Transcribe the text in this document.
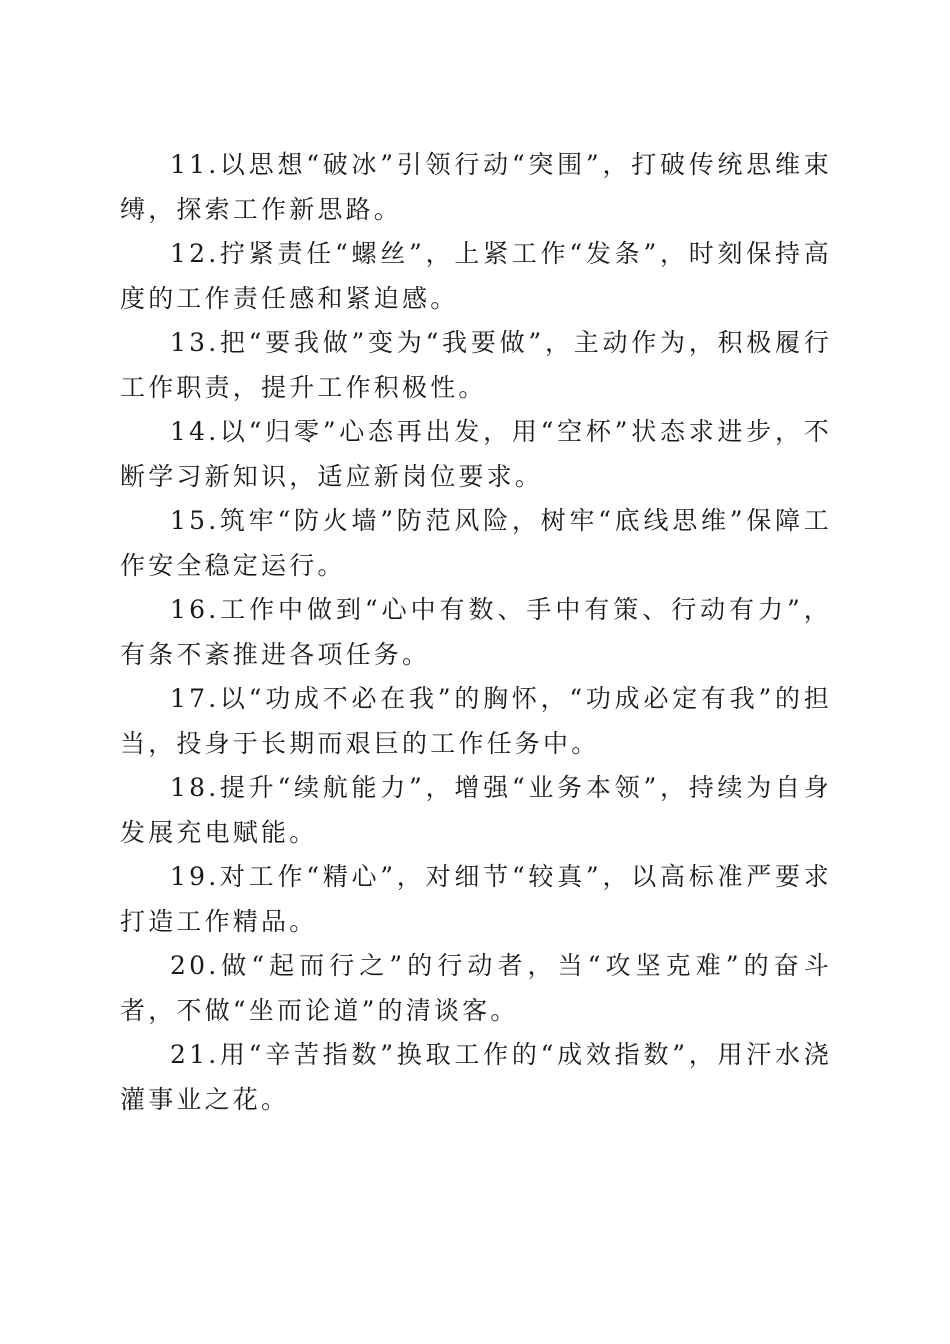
11.以思想“破冰”引领行动“突围”，打破传统思维束缚，探索工作新思路。

12.拧紧责任“螺丝”，上紧工作“发条”，时刻保持高度的工作责任感和紧迫感。

13.把“要我做”变为“我要做”，主动作为，积极履行工作职责，提升工作积极性。

14.以“归零”心态再出发，用“空杯”状态求进步，不断学习新知识，适应新岗位要求。

15.筑牢“防火墙”防范风险，树牢“底线思维”保障工作安全稳定运行。

16.工作中做到“心中有数、手中有策、行动有力”，有条不紊推进各项任务。

17.以“功成不必在我”的胸怀，“功成必定有我”的担当，投身于长期而艰巨的工作任务中。

18.提升“续航能力”，增强“业务本领”，持续为自身发展充电赋能。

19.对工作“精心”，对细节“较真”，以高标准严要求打造工作精品。

20.做“起而行之”的行动者，当“攻坚克难”的奋斗者，不做“坐而论道”的清谈客。

21.用“辛苦指数”换取工作的“成效指数”，用汗水浇灌事业之花。
